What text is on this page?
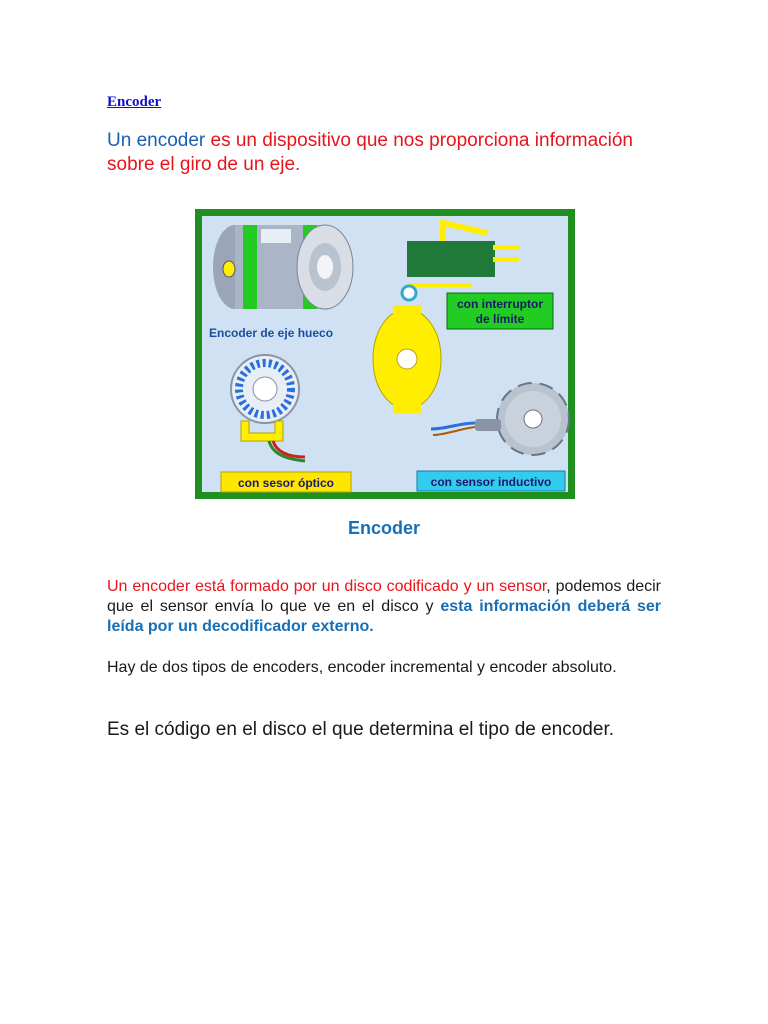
Encoder

Un encoder es un dispositivo que nos proporciona información sobre el giro de un eje.

Encoder de eje hueco
con interruptor
de límite
con sesor óptico	con sensor inductivo
Encoder

Un encoder está formado por un disco codificado y un sensor, podemos decir que el sensor envía lo que ve en el disco y esta información deberá ser leída por un decodificador externo.

Hay de dos tipos de encoders, encoder incremental y encoder absoluto.

Es el código en el disco el que determina el tipo de encoder.
